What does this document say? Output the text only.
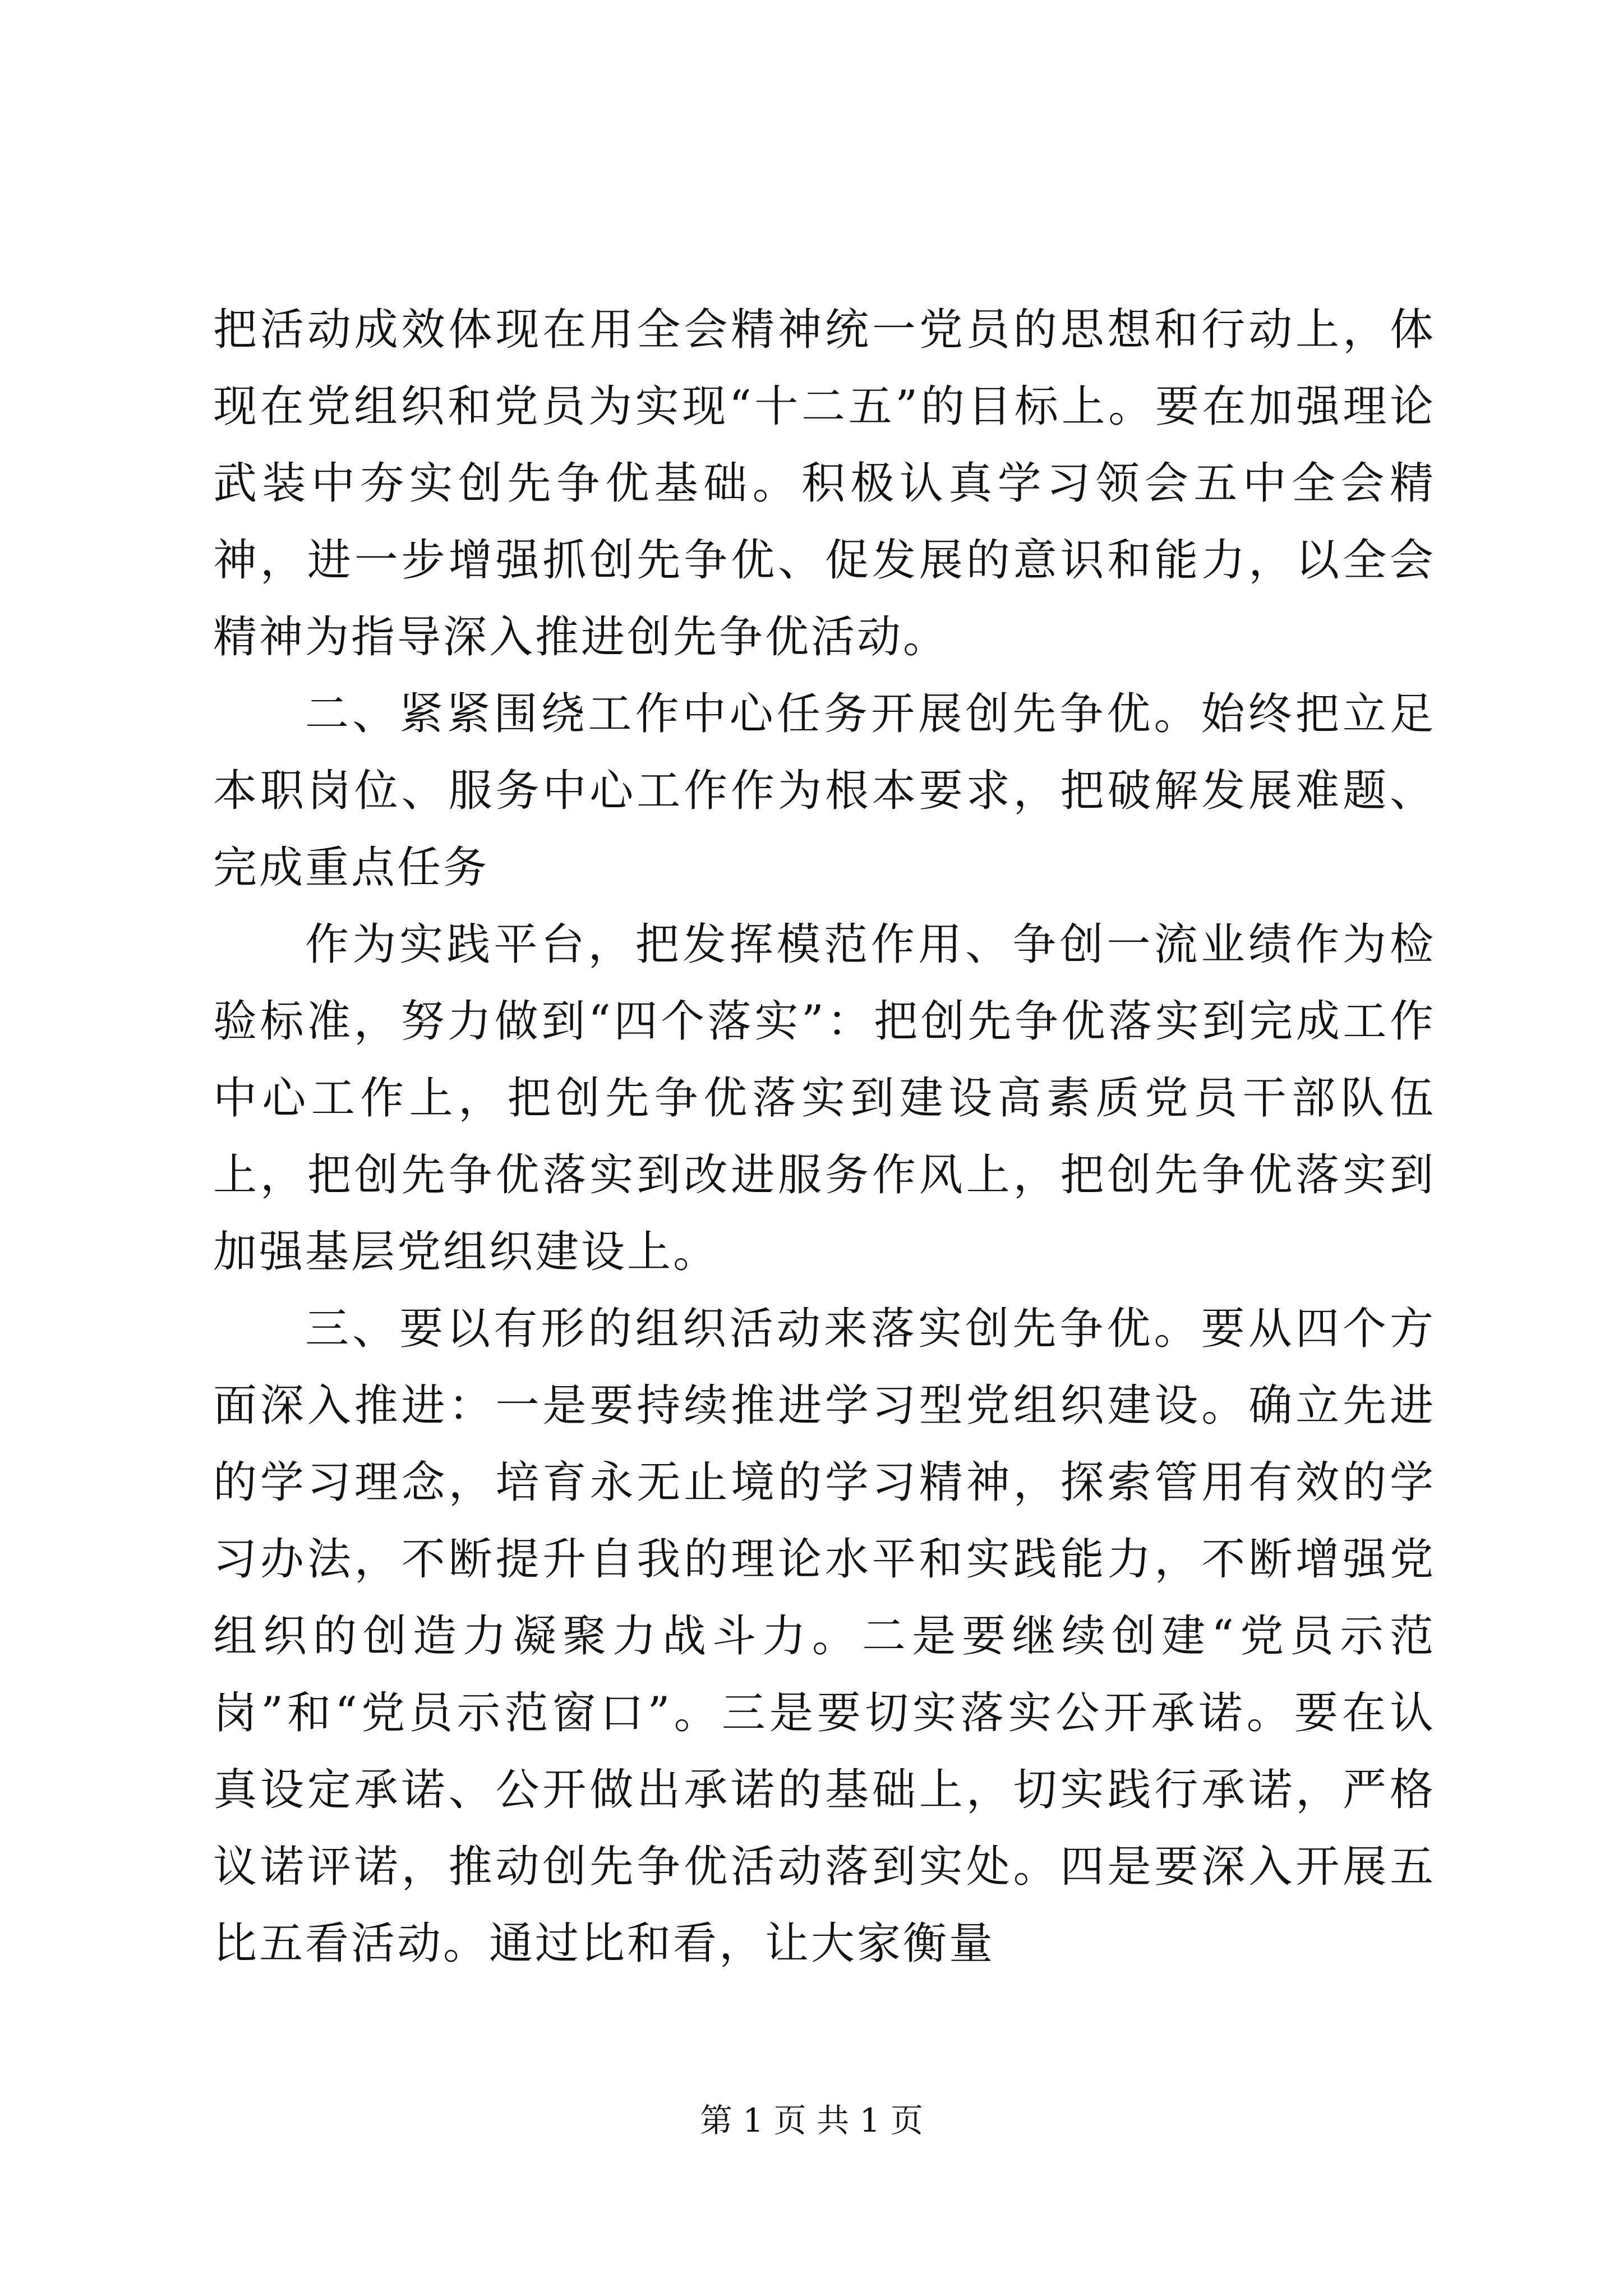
把活动成效体现在用全会精神统一党员的思想和行动上，体现在党组织和党员为实现“十二五”的目标上。要在加强理论武装中夯实创先争优基础。积极认真学习领会五中全会精神，进一步增强抓创先争优、促发展的意识和能力，以全会精神为指导深入推进创先争优活动。

二、紧紧围绕工作中心任务开展创先争优。始终把立足本职岗位、服务中心工作作为根本要求，把破解发展难题、完成重点任务

作为实践平台，把发挥模范作用、争创一流业绩作为检验标准，努力做到“四个落实”：把创先争优落实到完成工作中心工作上，把创先争优落实到建设高素质党员干部队伍上，把创先争优落实到改进服务作风上，把创先争优落实到加强基层党组织建设上。

三、要以有形的组织活动来落实创先争优。要从四个方面深入推进：一是要持续推进学习型党组织建设。确立先进的学习理念，培育永无止境的学习精神，探索管用有效的学习办法，不断提升自我的理论水平和实践能力，不断增强党组织的创造力凝聚力战斗力。二是要继续创建“党员示范岗”和“党员示范窗口”。三是要切实落实公开承诺。要在认真设定承诺、公开做出承诺的基础上，切实践行承诺，严格议诺评诺，推动创先争优活动落到实处。四是要深入开展五比五看活动。通过比和看，让大家衡量

第 1 页 共 1 页
